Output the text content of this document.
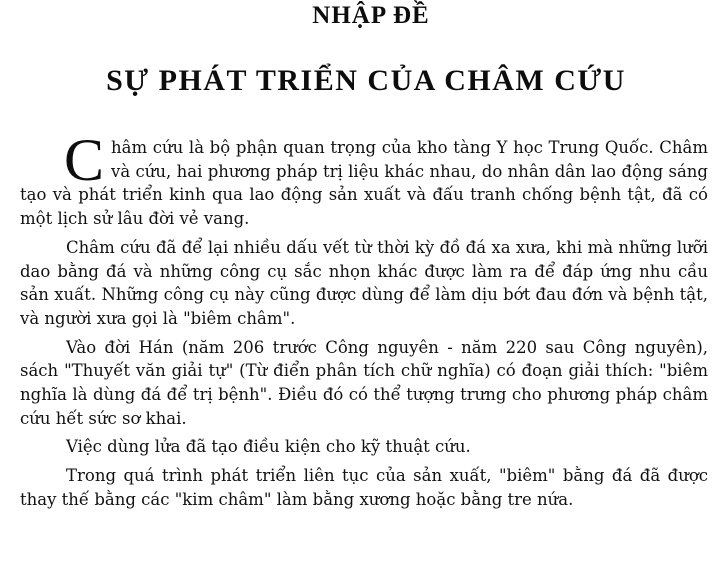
NHẬP ĐỀ
SỰ PHÁT TRIỂN CỦA CHÂM CỨU

C hâm cứu là bộ phận quan trọng của kho tàng Y học Trung Quốc. Châm và cứu, hai phương pháp trị liệu khác nhau, do nhân dân lao động sáng tạo và phát triển kinh qua lao động sản xuất và đấu tranh chống bệnh tật, đã có một lịch sử lâu đời vẻ vang.

Châm cứu đã để lại nhiều dấu vết từ thời kỳ đồ đá xa xưa, khi mà những lưỡi dao bằng đá và những công cụ sắc nhọn khác được làm ra để đáp ứng nhu cầu sản xuất. Những công cụ này cũng được dùng để làm dịu bớt đau đớn và bệnh tật, và người xưa gọi là "biêm châm".

Vào đời Hán (năm 206 trước Công nguyên - năm 220 sau Công nguyên), sách "Thuyết văn giải tự" (Từ điển phân tích chữ nghĩa) có đoạn giải thích: "biêm nghĩa là dùng đá để trị bệnh". Điều đó có thể tượng trưng cho phương pháp châm cứu hết sức sơ khai.

Việc dùng lửa đã tạo điều kiện cho kỹ thuật cứu.

Trong quá trình phát triển liên tục của sản xuất, "biêm" bằng đá đã được thay thế bằng các "kim châm" làm bằng xương hoặc bằng tre nứa.
